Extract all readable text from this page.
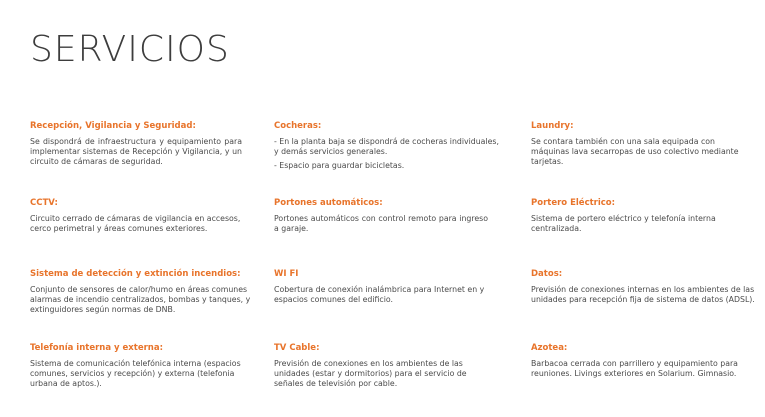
SERVICIOS
Recepción, Vigilancia y Seguridad:

Se dispondrá de infraestructura y equipamiento para implementar sistemas de Recepción y Vigilancia, y un circuito de cámaras de seguridad.

Cocheras:

- En la planta baja se dispondrá de cocheras individuales, y demás servicios generales.

- Espacio para guardar bicicletas.

Laundry:

Se contara también con una sala equipada con máquinas lava secarropas de uso colectivo mediante tarjetas.

CCTV:

Circuito cerrado de cámaras de vigilancia en accesos, cerco perimetral y áreas comunes exteriores.

Portones automáticos:

Portones automáticos con control remoto para ingreso a garaje.

Portero Eléctrico:

Sistema de portero eléctrico y telefonía interna centralizada.

Sistema de detección y extinción incendios:

Conjunto de sensores de calor/humo en áreas comunes alarmas de incendio centralizados, bombas y tanques, y extinguidores según normas de DNB.

WI FI

Cobertura de conexión inalámbrica para Internet en y espacios comunes del edificio.

Datos:

Previsión de conexiones internas en los ambientes de las unidades para recepción fija de sistema de datos (ADSL).

Telefonía interna y externa:

Sistema de comunicación telefónica interna (espacios comunes, servicios y recepción) y externa (telefonia urbana de aptos.).

TV Cable:

Previsión de conexiones en los ambientes de las unidades (estar y dormitorios) para el servicio de señales de televisión por cable.

Azotea:

Barbacoa cerrada con parrillero y equipamiento para reuniones. Livings exteriores en Solarium. Gimnasio.
